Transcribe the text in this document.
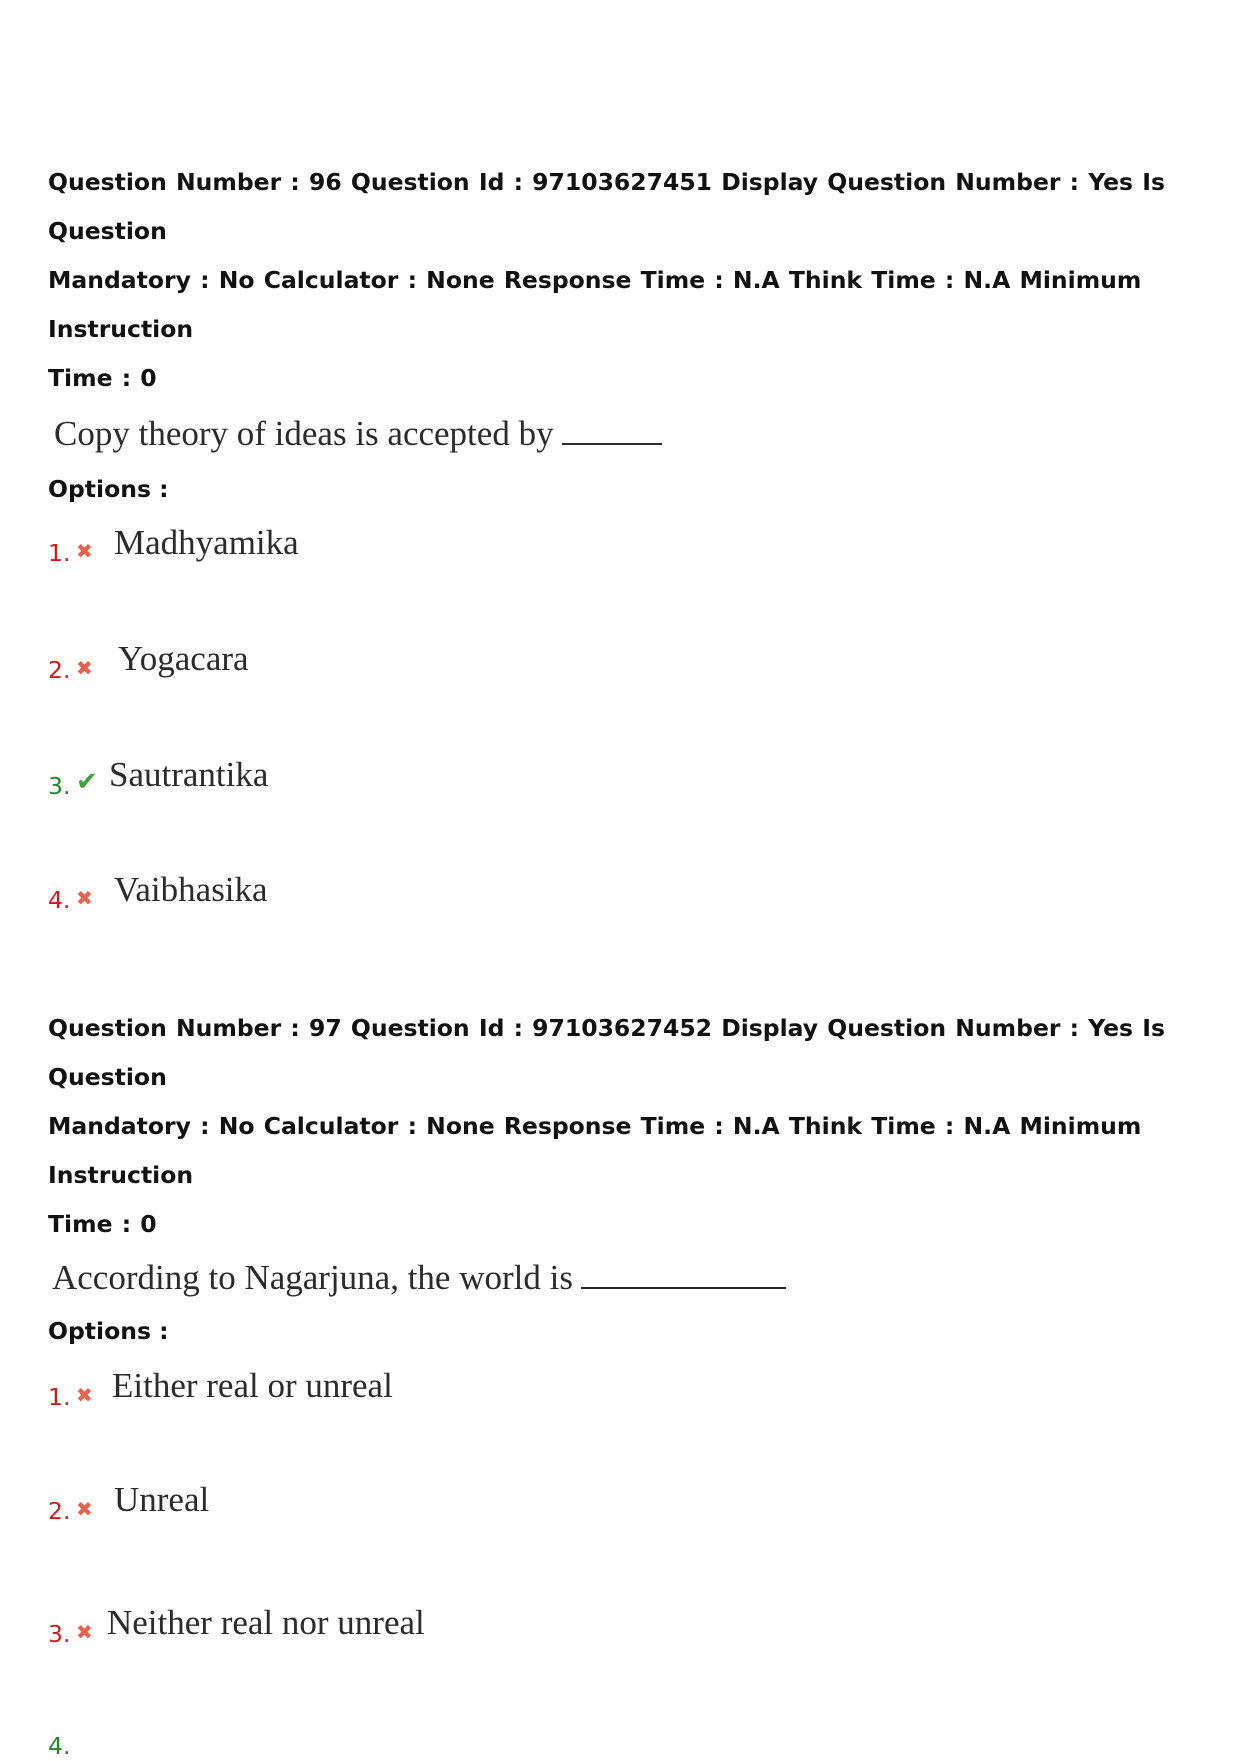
Question Number : 96 Question Id : 97103627451 Display Question Number : Yes Is Question

Mandatory : No Calculator : None Response Time : N.A Think Time : N.A Minimum Instruction

Time : 0

Copy theory of ideas is accepted by

Options :

1. ✖ Madhyamika
2. ✖ Yogacara
3. ✔ Sautrantika
4. ✖ Vaibhasika

Question Number : 97 Question Id : 97103627452 Display Question Number : Yes Is Question

Mandatory : No Calculator : None Response Time : N.A Think Time : N.A Minimum Instruction

Time : 0

According to Nagarjuna, the world is

Options :

1. ✖ Either real or unreal
2. ✖ Unreal
3. ✖ Neither real nor unreal
4.
